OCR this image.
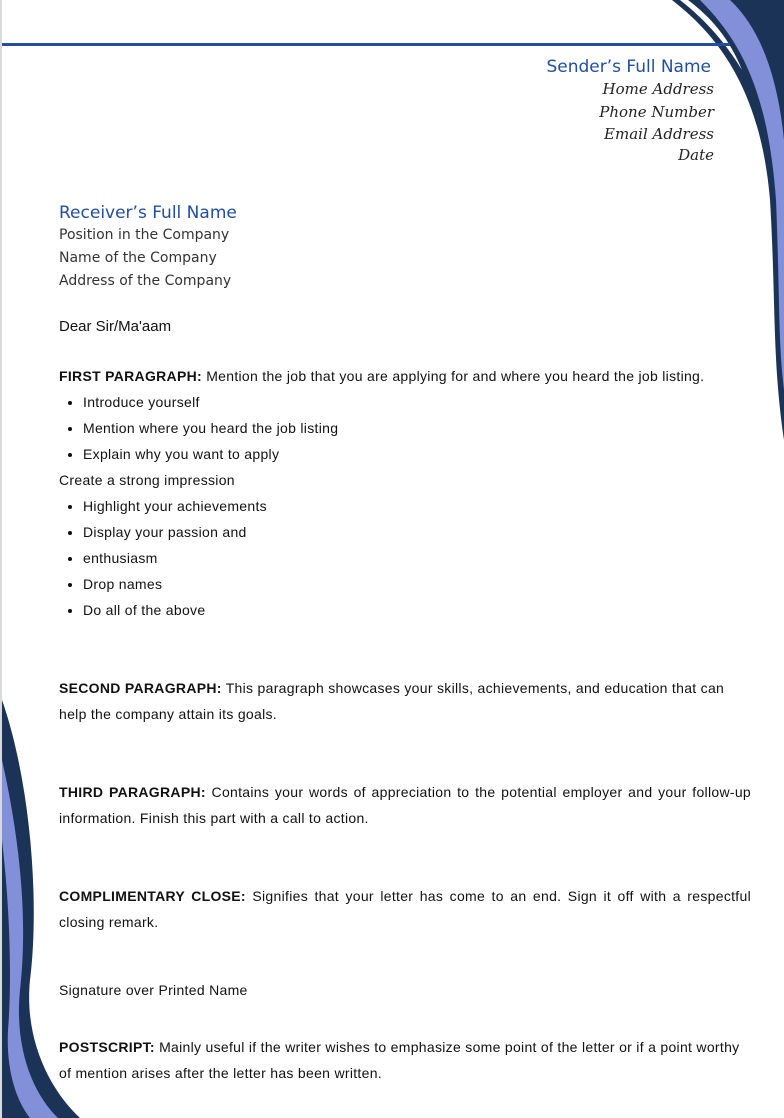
Sender’s Full Name
Home Address
Phone Number
Email Address
Date
Receiver’s Full Name
Position in the Company
Name of the Company
Address of the Company
Dear Sir/Ma'aam
FIRST PARAGRAPH: Mention the job that you are applying for and where you heard the job listing.
• Introduce yourself
• Mention where you heard the job listing
• Explain why you want to apply
Create a strong impression
• Highlight your achievements
• Display your passion and
• enthusiasm
• Drop names
• Do all of the above
SECOND PARAGRAPH: This paragraph showcases your skills, achievements, and education that can help the company attain its goals.
THIRD PARAGRAPH: Contains your words of appreciation to the potential employer and your follow-up information. Finish this part with a call to action.
COMPLIMENTARY CLOSE: Signifies that your letter has come to an end. Sign it off with a respectful closing remark.
Signature over Printed Name
POSTSCRIPT: Mainly useful if the writer wishes to emphasize some point of the letter or if a point worthy of mention arises after the letter has been written.
